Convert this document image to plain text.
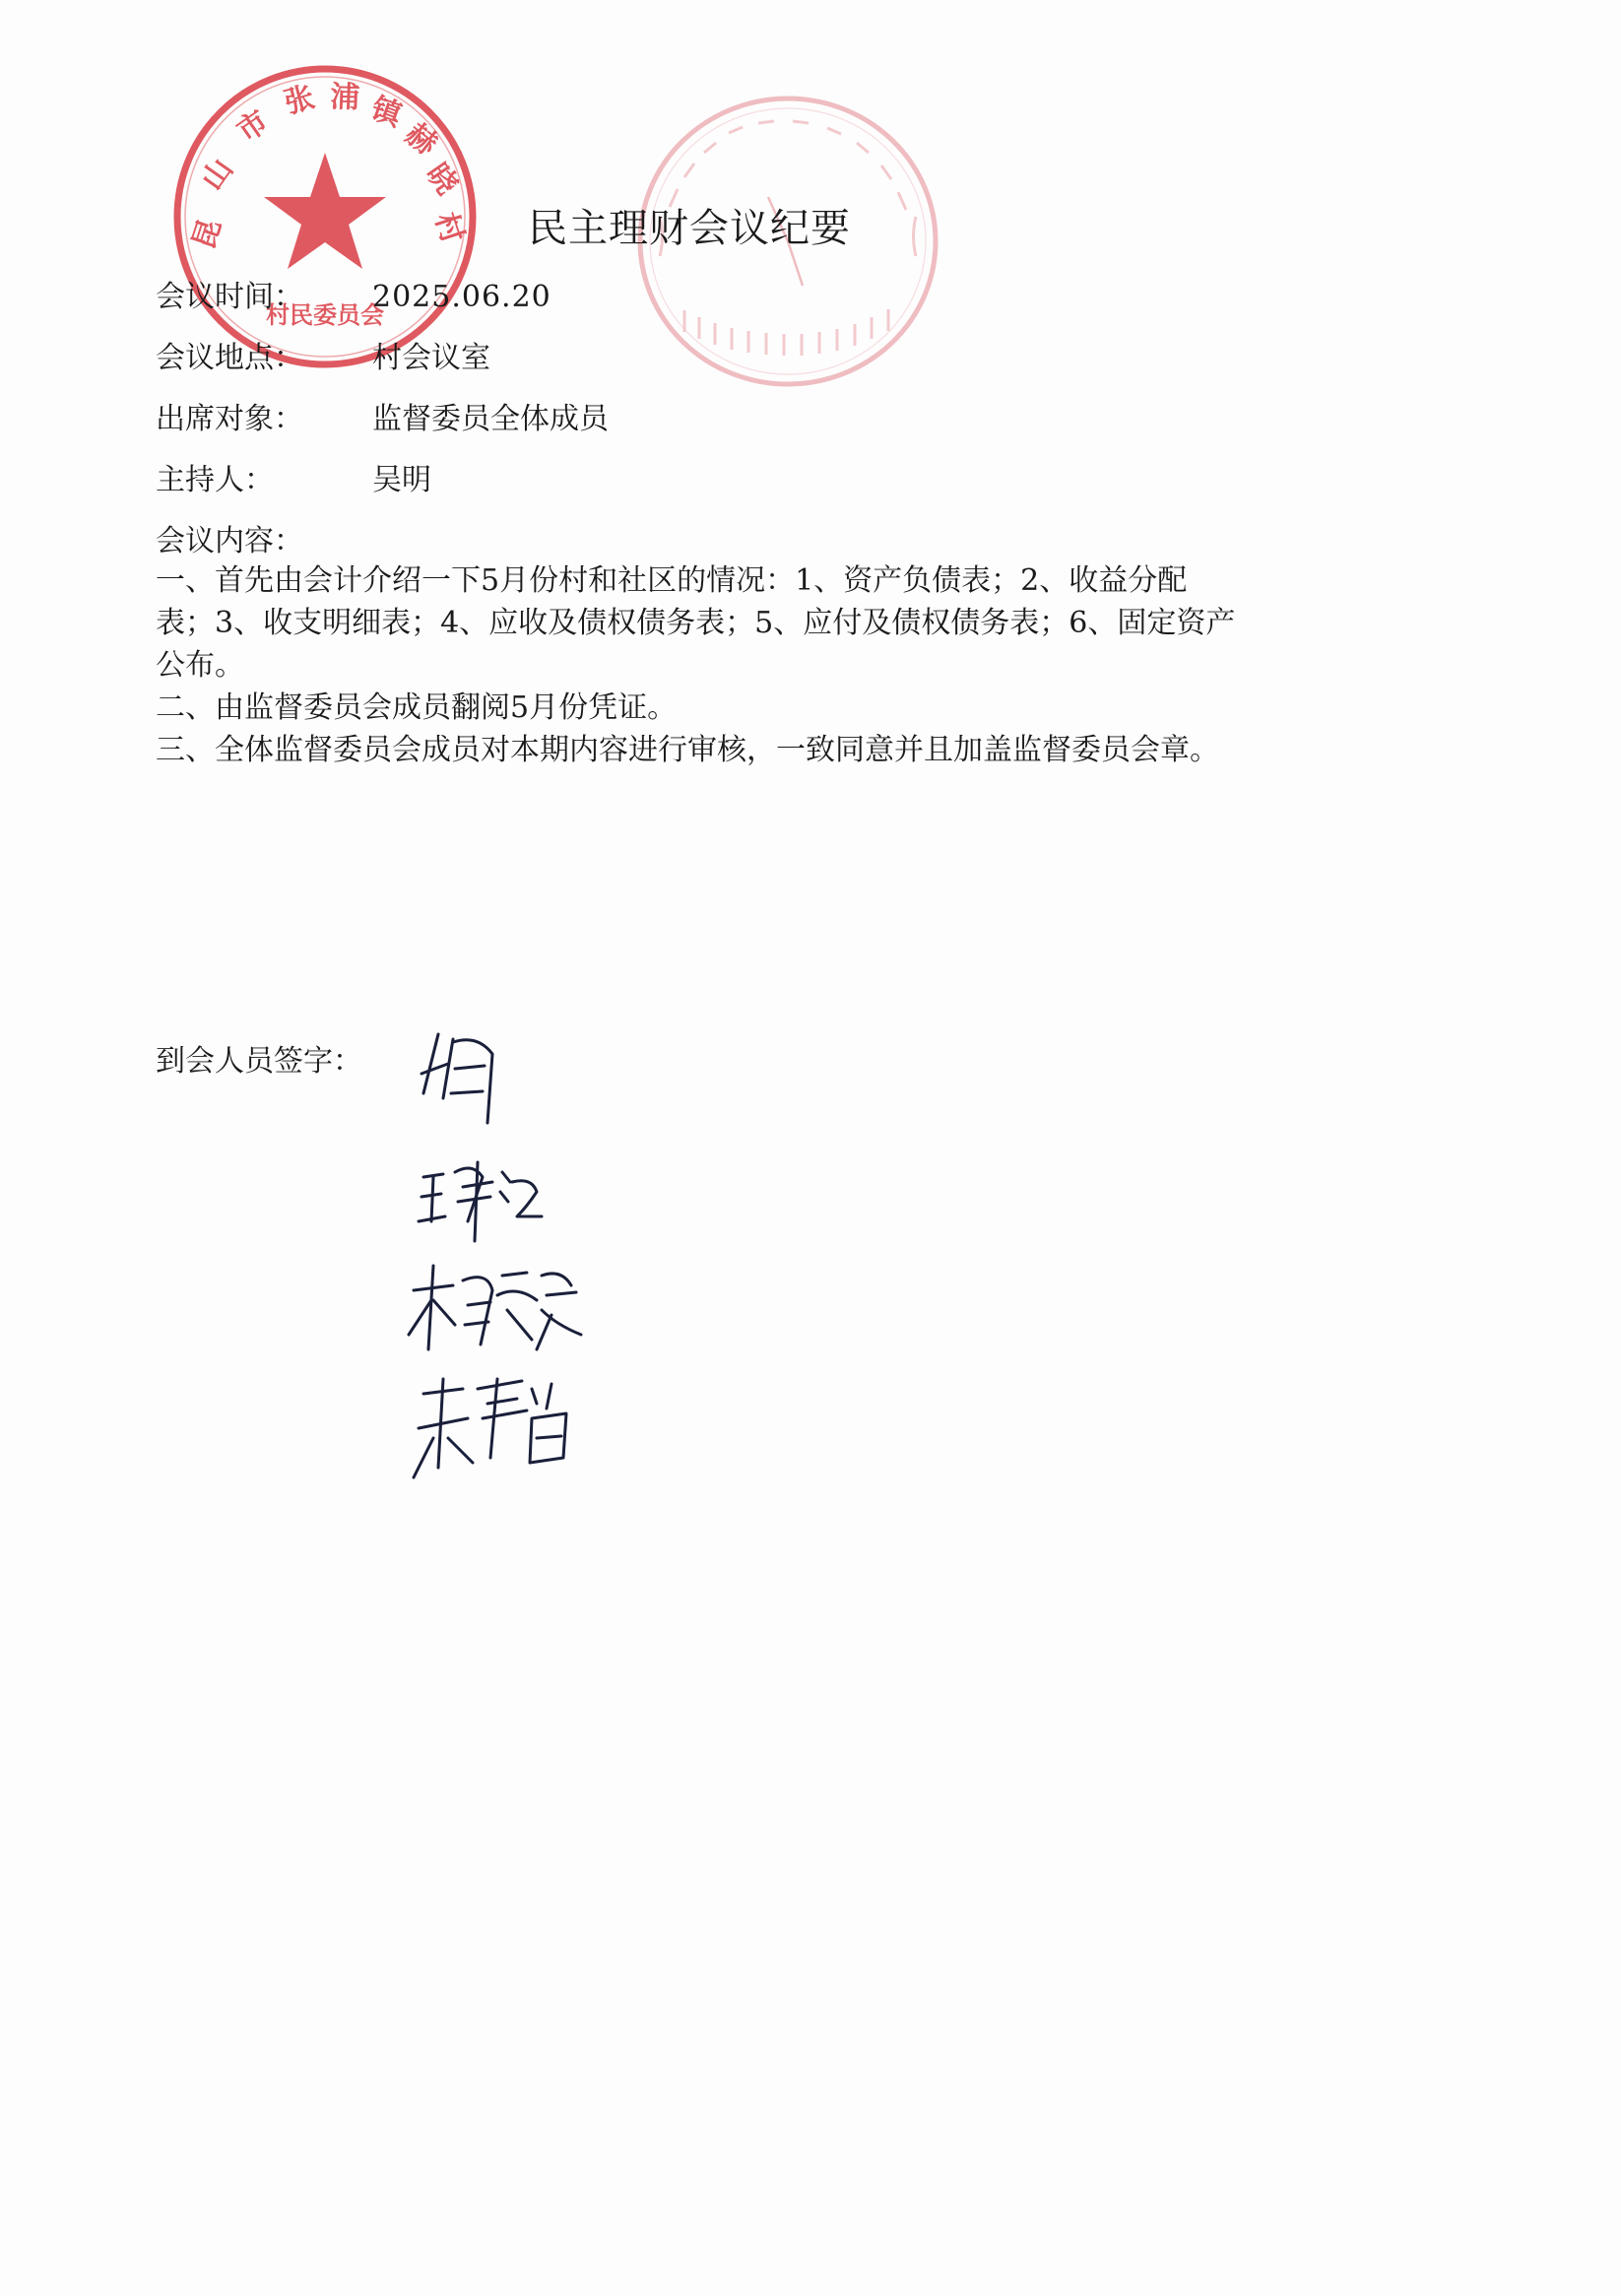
昆
山
市
张 浦 镇
赫
晓
村
村民委员会
民主理财会议纪要
会议时间： 2025.06.20
会议地点： 村会议室
出席对象： 监督委员全体成员
主持人：	吴明
会议内容：

一、首先由会计介绍一下5月份村和社区的情况：1、资产负债表；2、收益分配表；3、收支明细表；4、应收及债权债务表；5、应付及债权债务表；6、固定资产公布。

二、由监督委员会成员翻阅5月份凭证。

三、全体监督委员会成员对本期内容进行审核，一致同意并且加盖监督委员会章。

到会人员签字：
